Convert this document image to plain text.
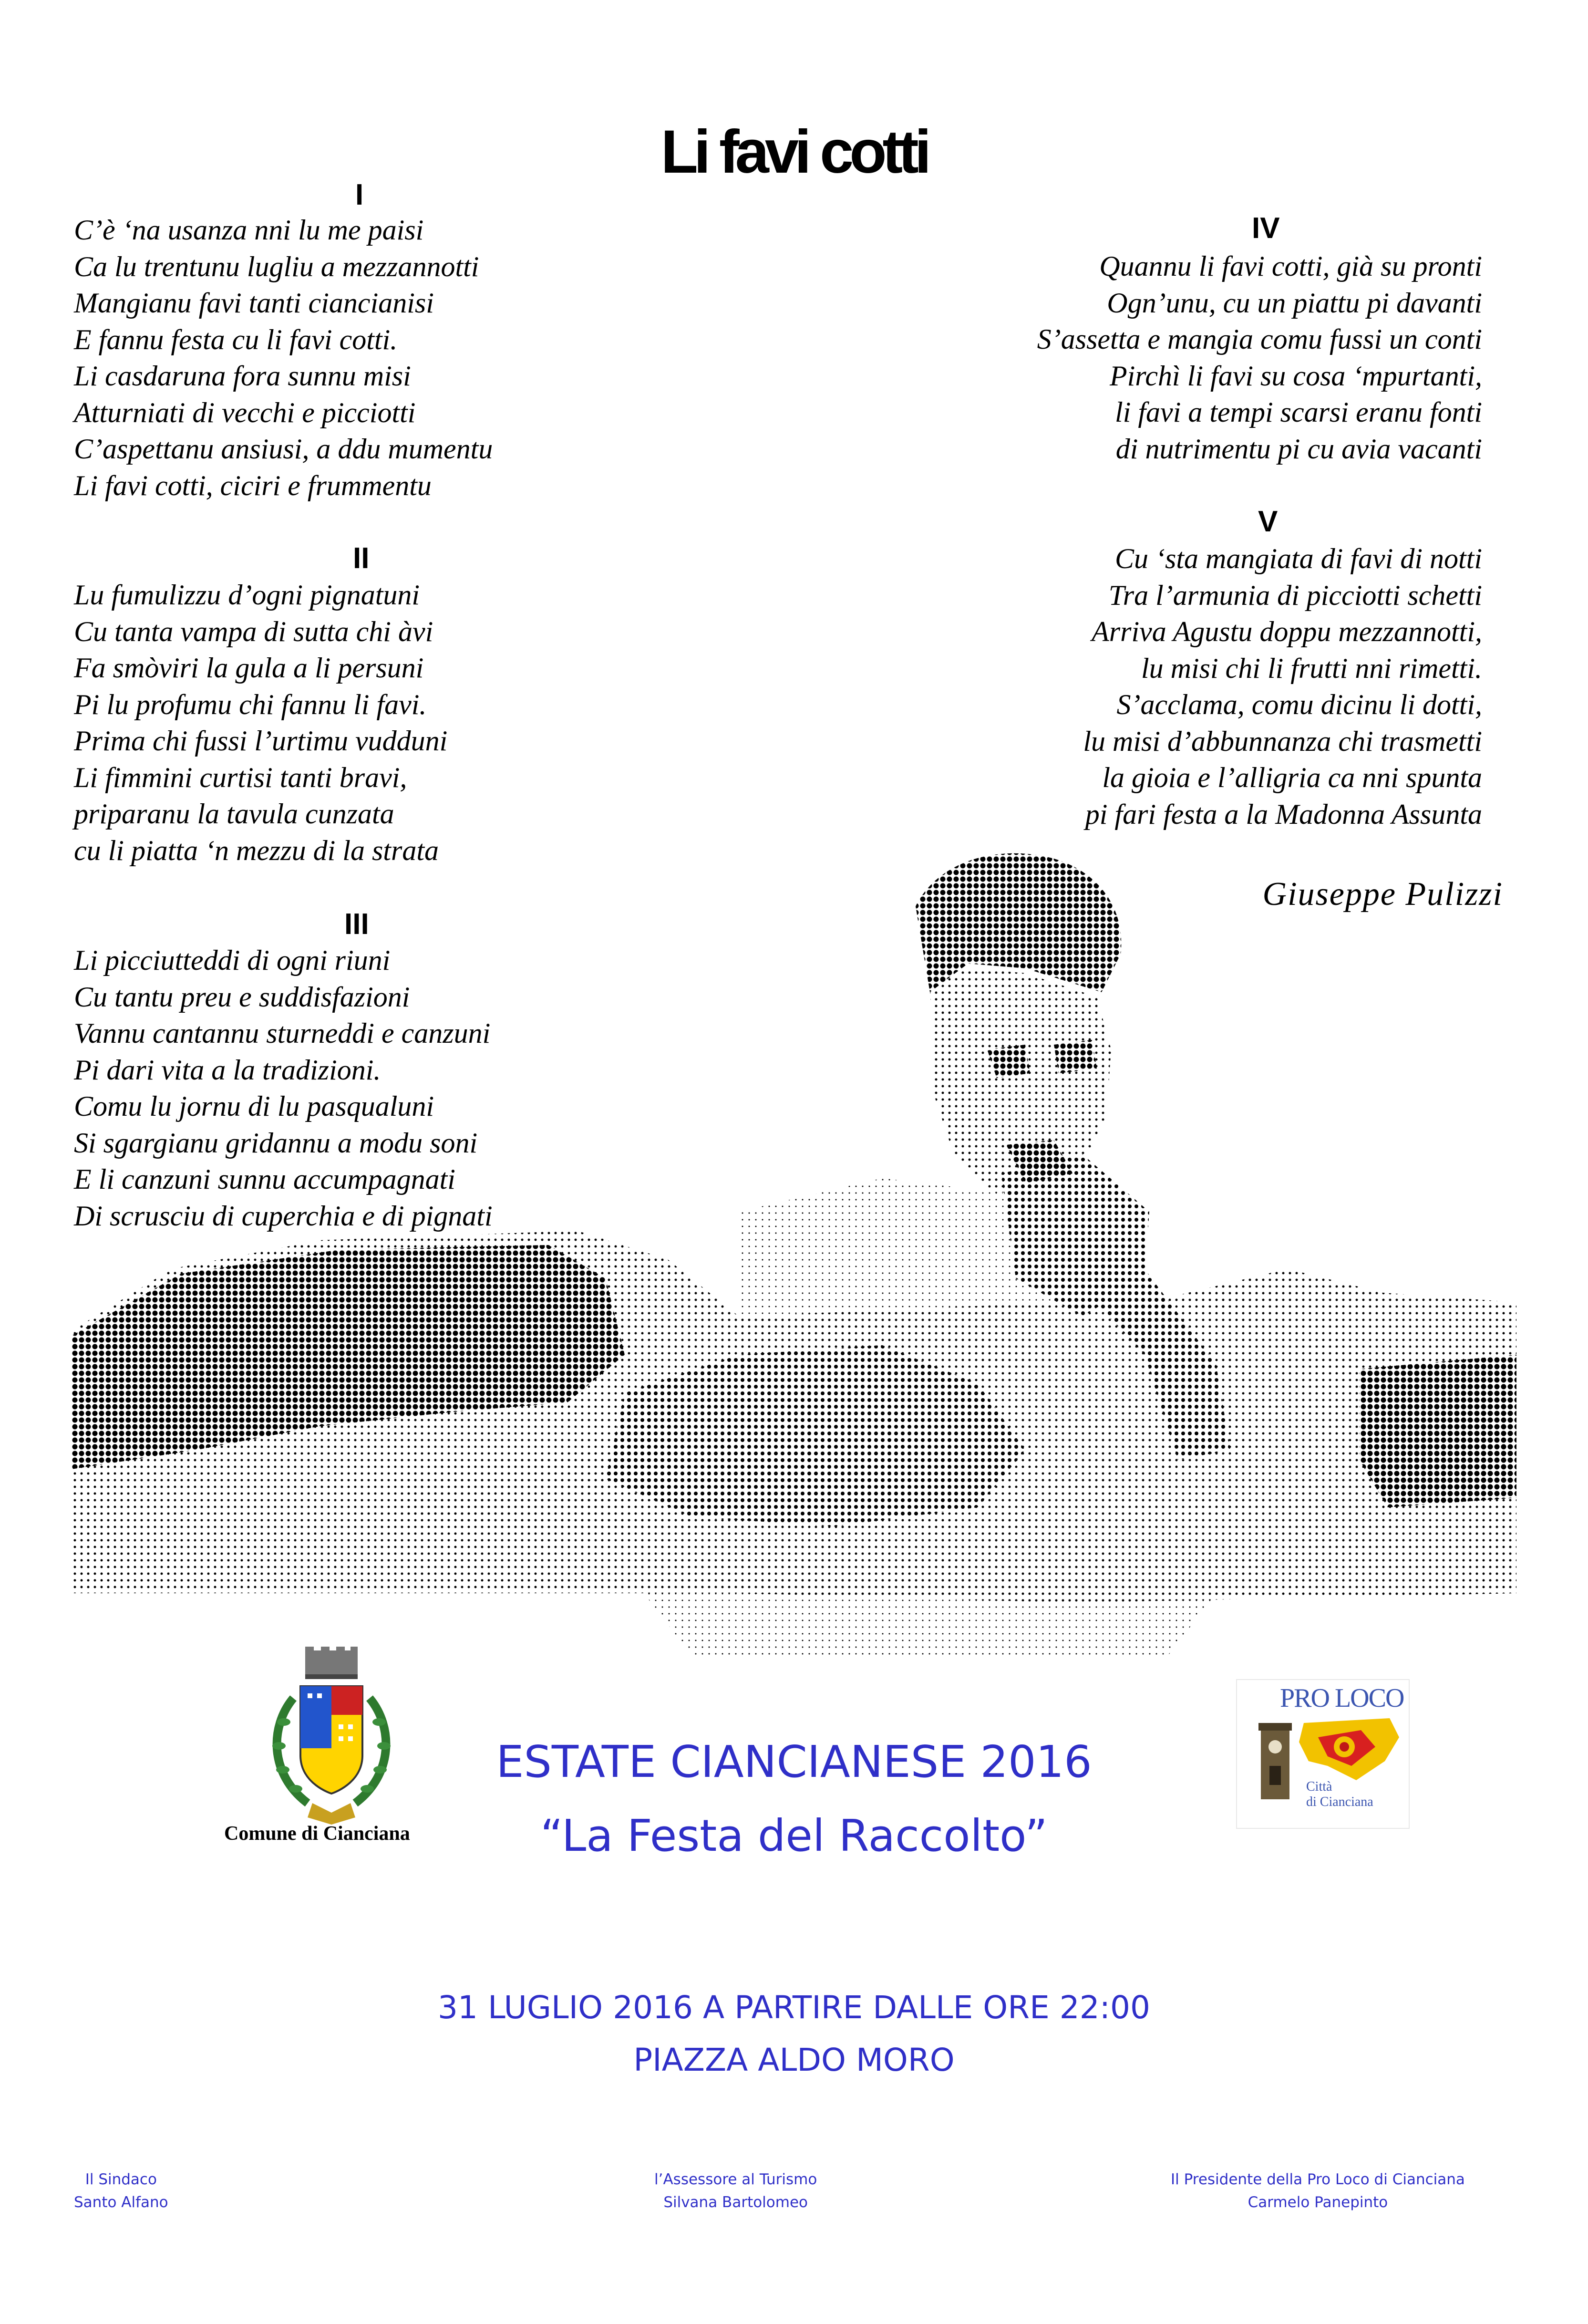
Li favi cotti
I
C’è ‘na usanza nni lu me paisi
Ca lu trentunu lugliu a mezzannotti
Mangianu favi tanti ciancianisi
E fannu festa cu li favi cotti.
Li casdaruna fora sunnu misi
Atturniati di vecchi e picciotti
C’aspettanu ansiusi, a ddu mumentu
Li favi cotti, ciciri e frummentu
II
Lu fumulizzu d’ogni pignatuni
Cu tanta vampa di sutta chi àvi
Fa smòviri la gula a li persuni
Pi lu profumu chi fannu li favi.
Prima chi fussi l’urtimu vudduni
Li fimmini curtisi tanti bravi,
priparanu la tavula cunzata
cu li piatta ‘n mezzu di la strata
III
Li picciutteddi di ogni riuni
Cu tantu preu e suddisfazioni
Vannu cantannu sturneddi e canzuni
Pi dari vita a la tradizioni.
Comu lu jornu di lu pasqualuni
Si sgargianu gridannu a modu soni
E li canzuni sunnu accumpagnati
Di scrusciu di cuperchia e di pignati
IV
Quannu li favi cotti, già su pronti
Ogn’unu, cu un piattu pi davanti
S’assetta e mangia comu fussi un conti
Pirchì li favi su cosa ‘mpurtanti,
li favi a tempi scarsi eranu fonti
di nutrimentu pi cu avia vacanti
V
Cu ‘sta mangiata di favi di notti
Tra l’armunia di picciotti schetti
Arriva Agustu doppu mezzannotti,
lu misi chi li frutti nni rimetti.
S’acclama, comu dicinu li dotti,
lu misi d’abbunnanza chi trasmetti
la gioia e l’alligria ca nni spunta
pi fari festa a la Madonna Assunta
Giuseppe Pulizzi
Comune di Cianciana
PRO LOCO
Città
di Cianciana
ESTATE CIANCIANESE 2016
“La Festa del Raccolto”
31 LUGLIO 2016 A PARTIRE DALLE ORE 22:00
PIAZZA ALDO MORO
Il Sindaco
Santo Alfano
l’Assessore al Turismo
Silvana Bartolomeo
Il Presidente della Pro Loco di Cianciana
Carmelo Panepinto
